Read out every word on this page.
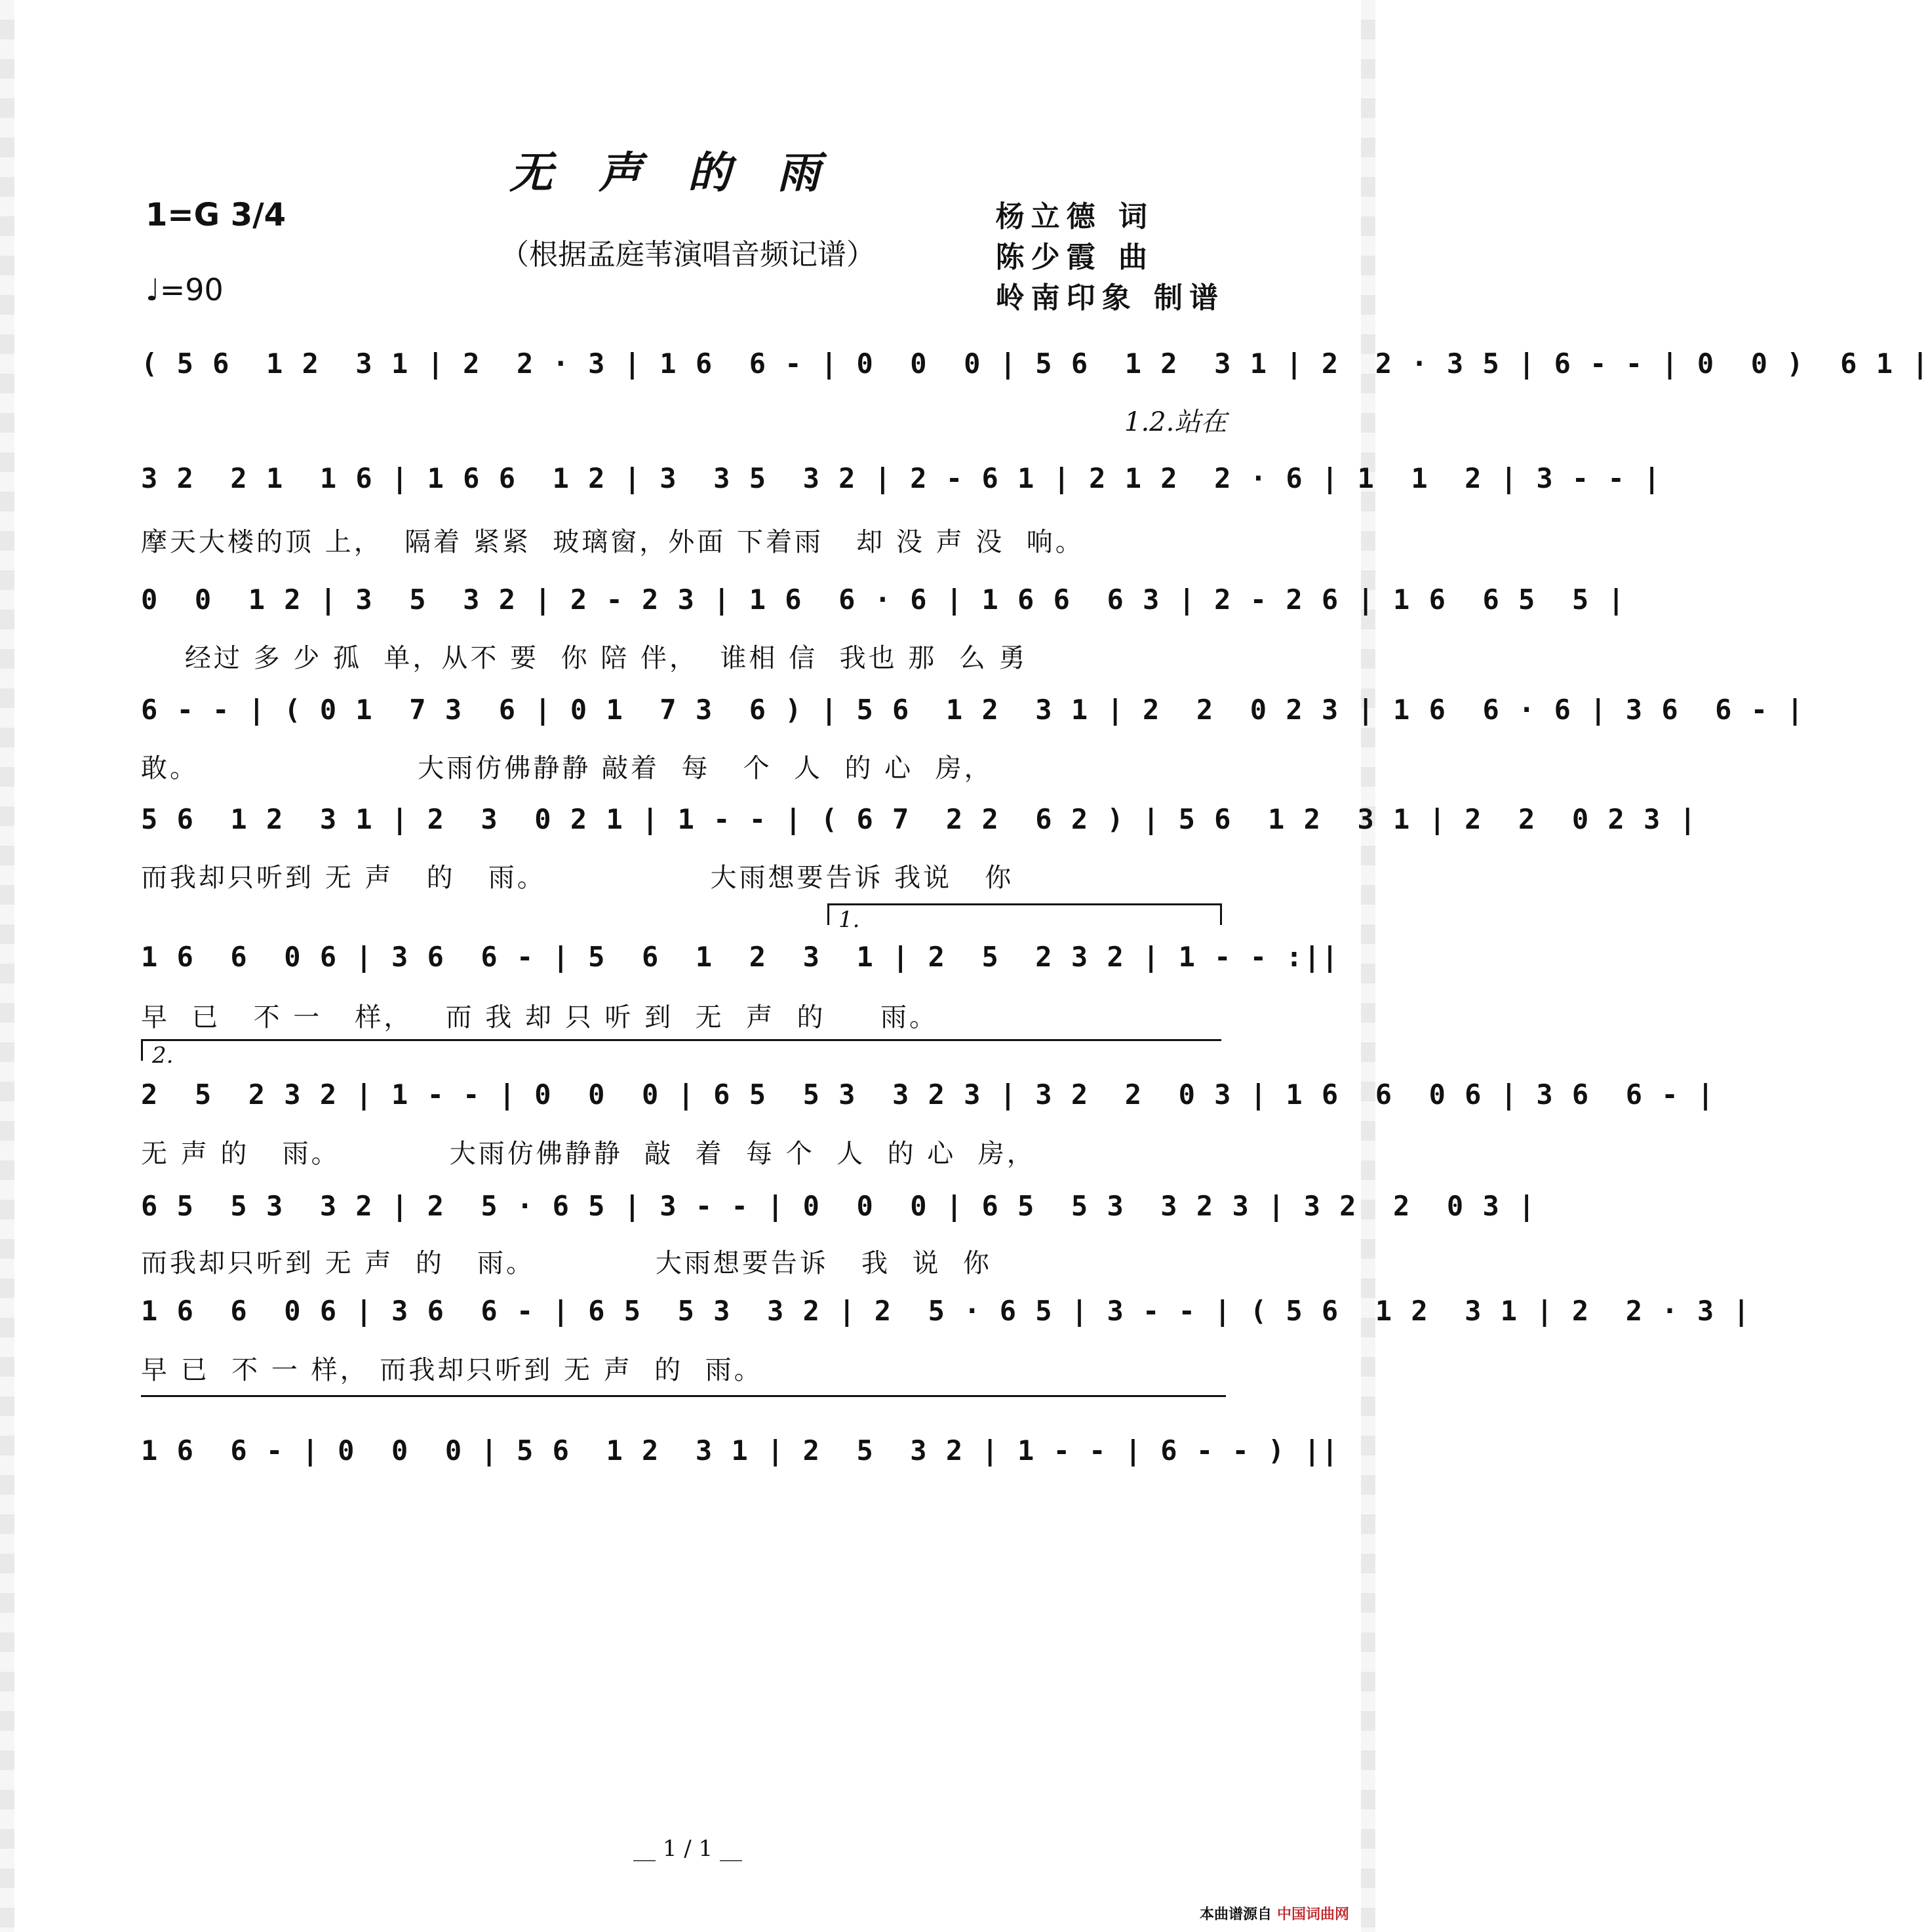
无声的雨
1=G 3/4
♩=90
（根据孟庭苇演唱音频记谱）
杨立德 词
陈少霞 曲
岭南印象 制谱
( 5 6  1 2  3 1 | 2  2 · 3 | 1 6  6 - | 0  0  0 | 5 6  1 2  3 1 | 2  2 · 3 5 | 6 - - | 0  0 )  6 1 |
1.2.站在
3 2  2 1  1 6 | 1 6 6  1 2 | 3  3 5  3 2 | 2 - 6 1 | 2 1 2  2 · 6 | 1  1  2 | 3 - - |
摩天大楼的顶 上，  隔着 紧紧  玻璃窗，外面 下着雨   却 没 声 没  响。
0  0  1 2 | 3  5  3 2 | 2 - 2 3 | 1 6  6 · 6 | 1 6 6  6 3 | 2 - 2 6 | 1 6  6 5  5 |
经过 多 少 孤  单，从不 要  你 陪 伴，  谁相 信  我也 那  么 勇
6 - - | ( 0 1  7 3  6 | 0 1  7 3  6 ) | 5 6  1 2  3 1 | 2  2  0 2 3 | 1 6  6 · 6 | 3 6  6 - |
敢。                    大雨仿佛静静 敲着  每   个  人  的 心  房，
5 6  1 2  3 1 | 2  3  0 2 1 | 1 - - | ( 6 7  2 2  6 2 ) | 5 6  1 2  3 1 | 2  2  0 2 3 |
而我却只听到 无 声   的   雨。               大雨想要告诉 我说   你
1.
1 6  6  0 6 | 3 6  6 - | 5  6  1  2  3  1 | 2  5  2 3 2 | 1 - - :||
早  已   不 一   样，   而 我 却 只 听 到  无  声  的     雨。
2.
2  5  2 3 2 | 1 - - | 0  0  0 | 6 5  5 3  3 2 3 | 3 2  2  0 3 | 1 6  6  0 6 | 3 6  6 - |
无 声 的   雨。          大雨仿佛静静  敲  着  每 个  人  的 心  房，
6 5  5 3  3 2 | 2  5 · 6 5 | 3 - - | 0  0  0 | 6 5  5 3  3 2 3 | 3 2  2  0 3 |
而我却只听到 无 声  的   雨。           大雨想要告诉   我  说  你
1 6  6  0 6 | 3 6  6 - | 6 5  5 3  3 2 | 2  5 · 6 5 | 3 - - | ( 5 6  1 2  3 1 | 2  2 · 3 |
早 已  不 一 样， 而我却只听到 无 声  的  雨。
1 6  6 - | 0  0  0 | 5 6  1 2  3 1 | 2  5  3 2 | 1 - - | 6 - - ) ||
__ 1 / 1 __
本曲谱源自 中国词曲网
